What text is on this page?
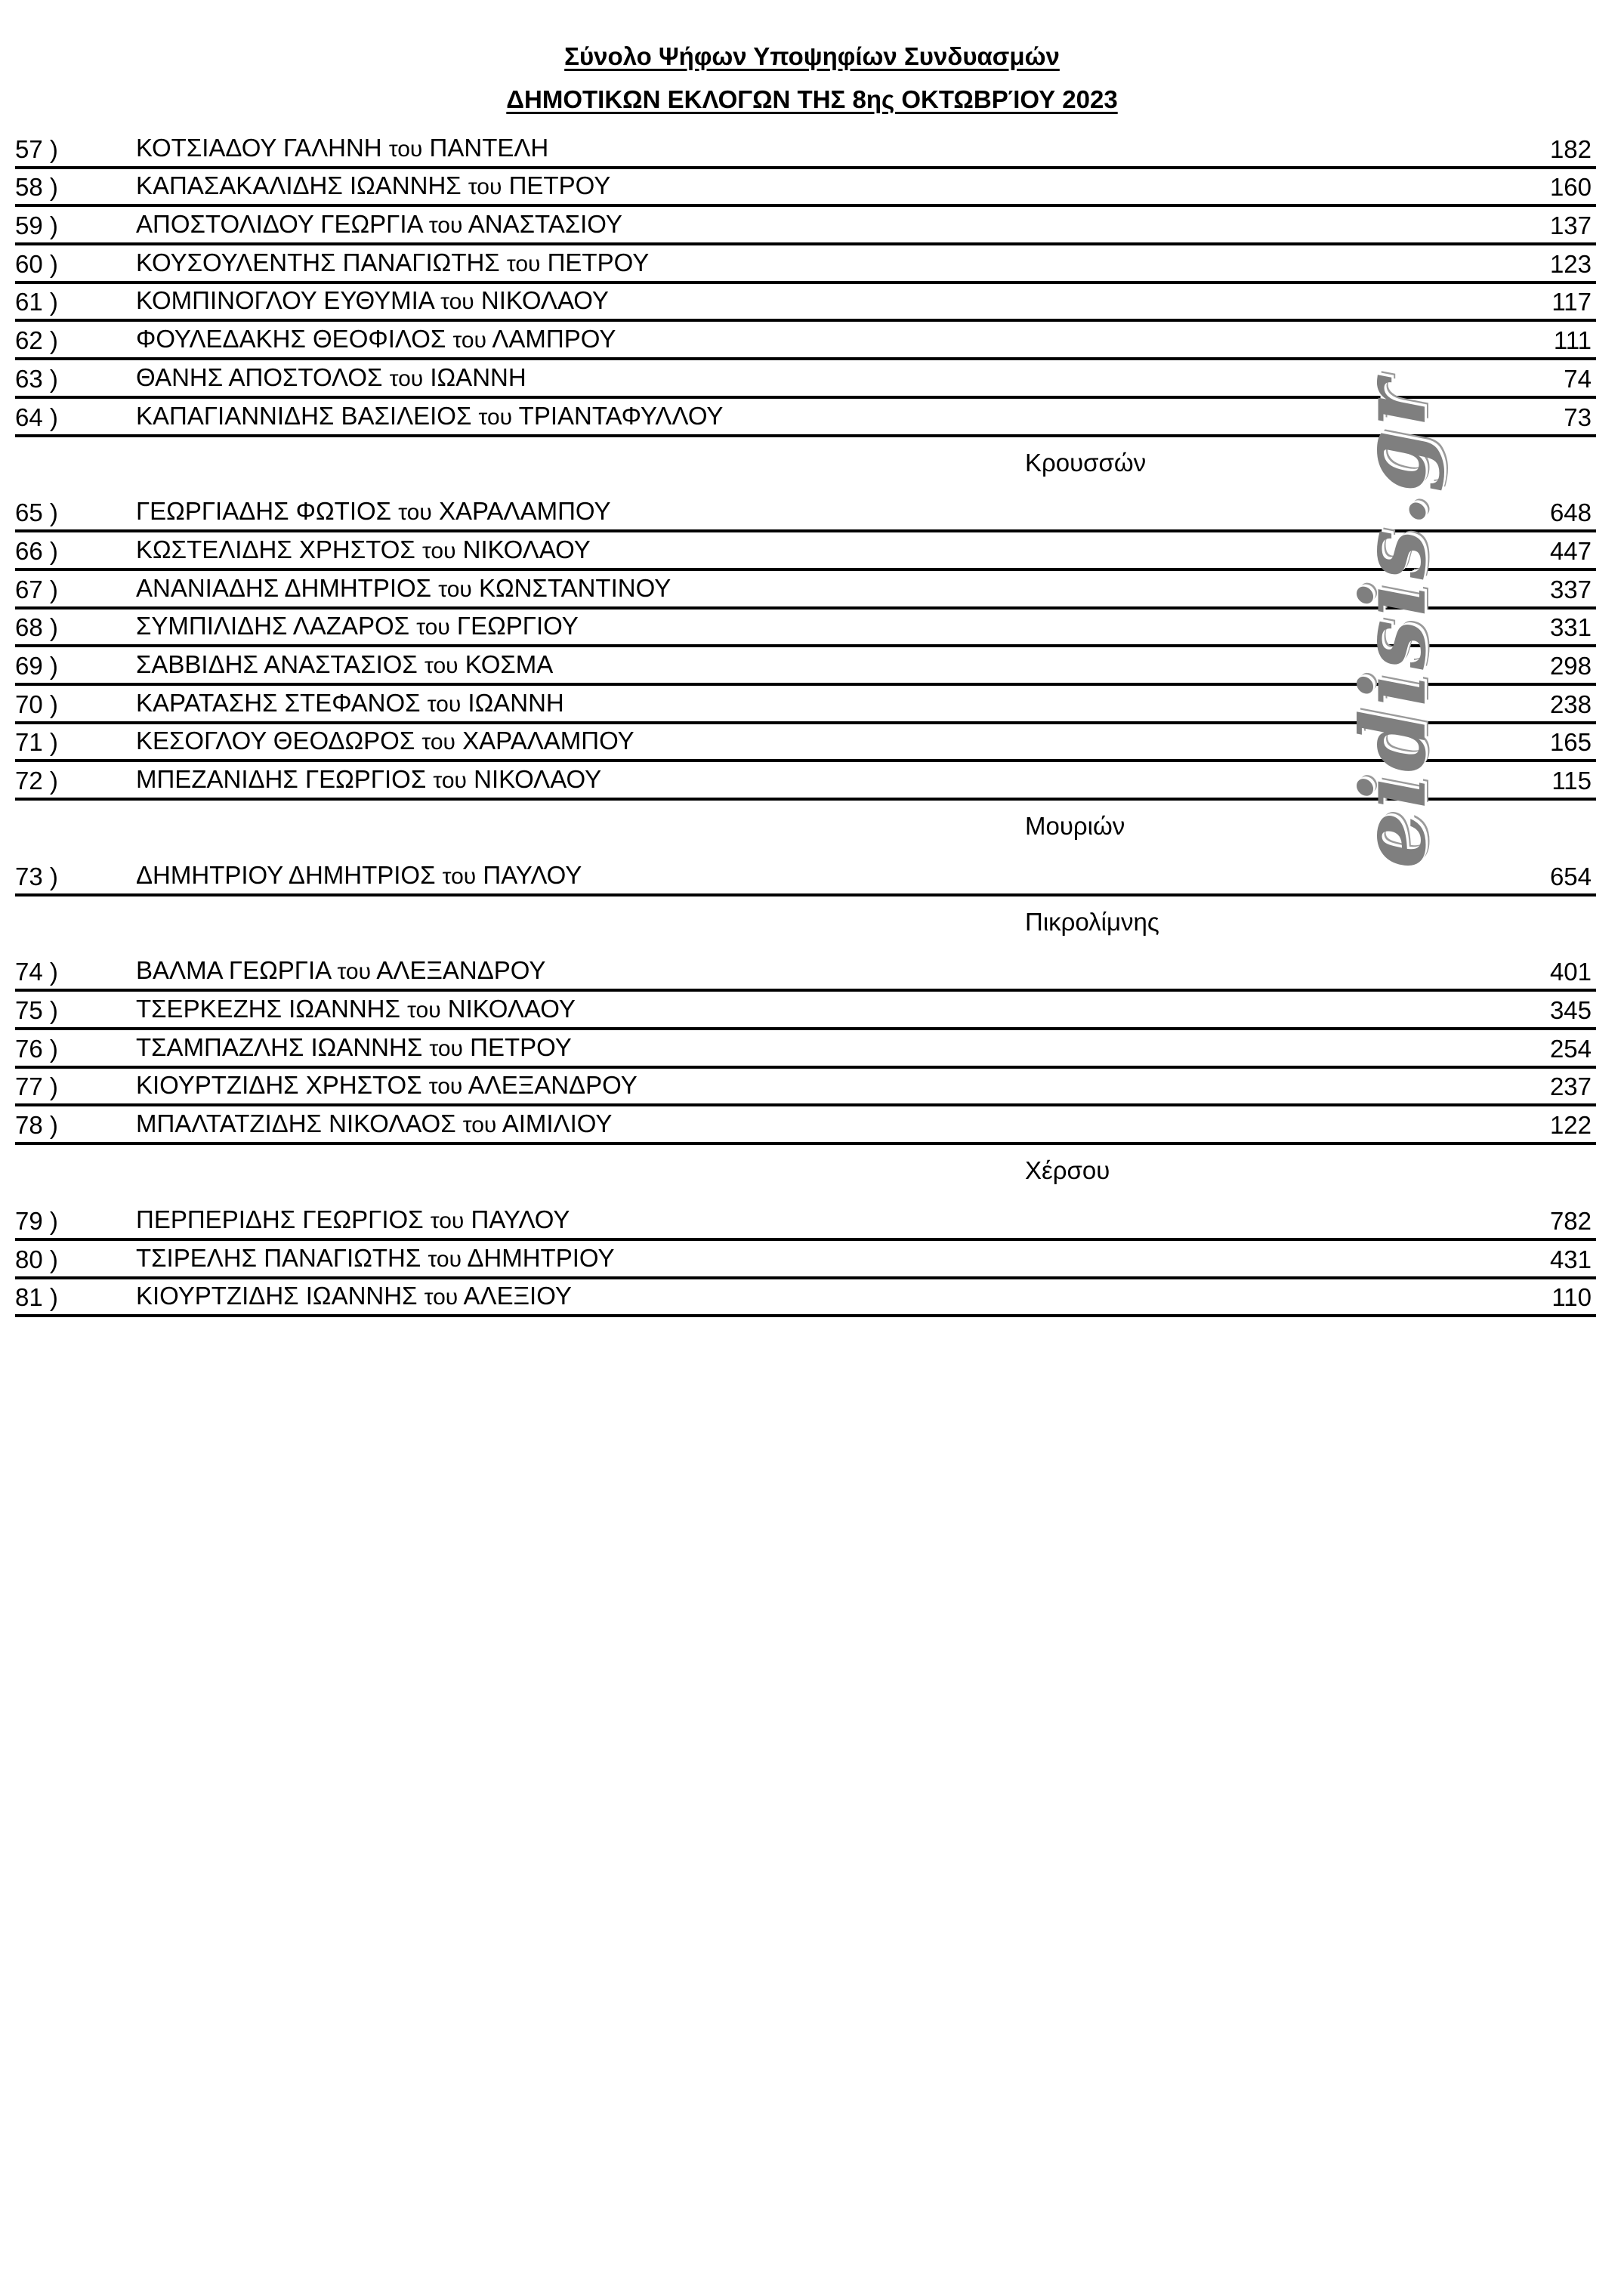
Σύνολο Ψήφων Υποψηφίων Συνδυασμών
ΔΗΜΟΤΙΚΩΝ ΕΚΛΟΓΩΝ ΤΗΣ 8ης ΟΚΤΩΒΡΊΟΥ 2023
57 )	ΚΟΤΣΙΑΔΟΥ ΓΑΛΗΝΗ του ΠΑΝΤΕΛΗ	182
58 )	ΚΑΠΑΣΑΚΑΛΙΔΗΣ ΙΩΑΝΝΗΣ του ΠΕΤΡΟΥ	160
59 )	ΑΠΟΣΤΟΛΙΔΟΥ ΓΕΩΡΓΙΑ του ΑΝΑΣΤΑΣΙΟΥ	137
60 )	ΚΟΥΣΟΥΛΕΝΤΗΣ ΠΑΝΑΓΙΩΤΗΣ του ΠΕΤΡΟΥ	123
61 )	ΚΟΜΠΙΝΟΓΛΟΥ ΕΥΘΥΜΙΑ του ΝΙΚΟΛΑΟΥ	117
62 )	ΦΟΥΛΕΔΑΚΗΣ ΘΕΟΦΙΛΟΣ του ΛΑΜΠΡΟΥ	111
63 )	ΘΑΝΗΣ ΑΠΟΣΤΟΛΟΣ του ΙΩΑΝΝΗ	74
64 )	ΚΑΠΑΓΙΑΝΝΙΔΗΣ ΒΑΣΙΛΕΙΟΣ του ΤΡΙΑΝΤΑΦΥΛΛΟΥ	73
Κρουσσών
65 )	ΓΕΩΡΓΙΑΔΗΣ ΦΩΤΙΟΣ του ΧΑΡΑΛΑΜΠΟΥ	648
66 )	ΚΩΣΤΕΛΙΔΗΣ ΧΡΗΣΤΟΣ του ΝΙΚΟΛΑΟΥ	447
67 )	ΑΝΑΝΙΑΔΗΣ ΔΗΜΗΤΡΙΟΣ του ΚΩΝΣΤΑΝΤΙΝΟΥ	337
68 )	ΣΥΜΠΙΛΙΔΗΣ ΛΑΖΑΡΟΣ του ΓΕΩΡΓΙΟΥ	331
69 )	ΣΑΒΒΙΔΗΣ ΑΝΑΣΤΑΣΙΟΣ του ΚΟΣΜΑ	298
70 )	ΚΑΡΑΤΑΣΗΣ ΣΤΕΦΑΝΟΣ του ΙΩΑΝΝΗ	238
71 )	ΚΕΣΟΓΛΟΥ ΘΕΟΔΩΡΟΣ του ΧΑΡΑΛΑΜΠΟΥ	165
72 )	ΜΠΕΖΑΝΙΔΗΣ ΓΕΩΡΓΙΟΣ του ΝΙΚΟΛΑΟΥ	115
Μουριών
73 )	ΔΗΜΗΤΡΙΟΥ ΔΗΜΗΤΡΙΟΣ του ΠΑΥΛΟΥ	654
Πικρολίμνης
74 )	ΒΑΛΜΑ ΓΕΩΡΓΙΑ του ΑΛΕΞΑΝΔΡΟΥ	401
75 )	ΤΣΕΡΚΕΖΗΣ ΙΩΑΝΝΗΣ του ΝΙΚΟΛΑΟΥ	345
76 )	ΤΣΑΜΠΑΖΛΗΣ ΙΩΑΝΝΗΣ του ΠΕΤΡΟΥ	254
77 )	ΚΙΟΥΡΤΖΙΔΗΣ ΧΡΗΣΤΟΣ του ΑΛΕΞΑΝΔΡΟΥ	237
78 )	ΜΠΑΛΤΑΤΖΙΔΗΣ ΝΙΚΟΛΑΟΣ του ΑΙΜΙΛΙΟΥ	122
Χέρσου
79 )	ΠΕΡΠΕΡΙΔΗΣ ΓΕΩΡΓΙΟΣ του ΠΑΥΛΟΥ	782
80 )	ΤΣΙΡΕΛΗΣ ΠΑΝΑΓΙΩΤΗΣ του ΔΗΜΗΤΡΙΟΥ	431
81 )	ΚΙΟΥΡΤΖΙΔΗΣ ΙΩΑΝΝΗΣ του ΑΛΕΞΙΟΥ	110
eidisis.gr
